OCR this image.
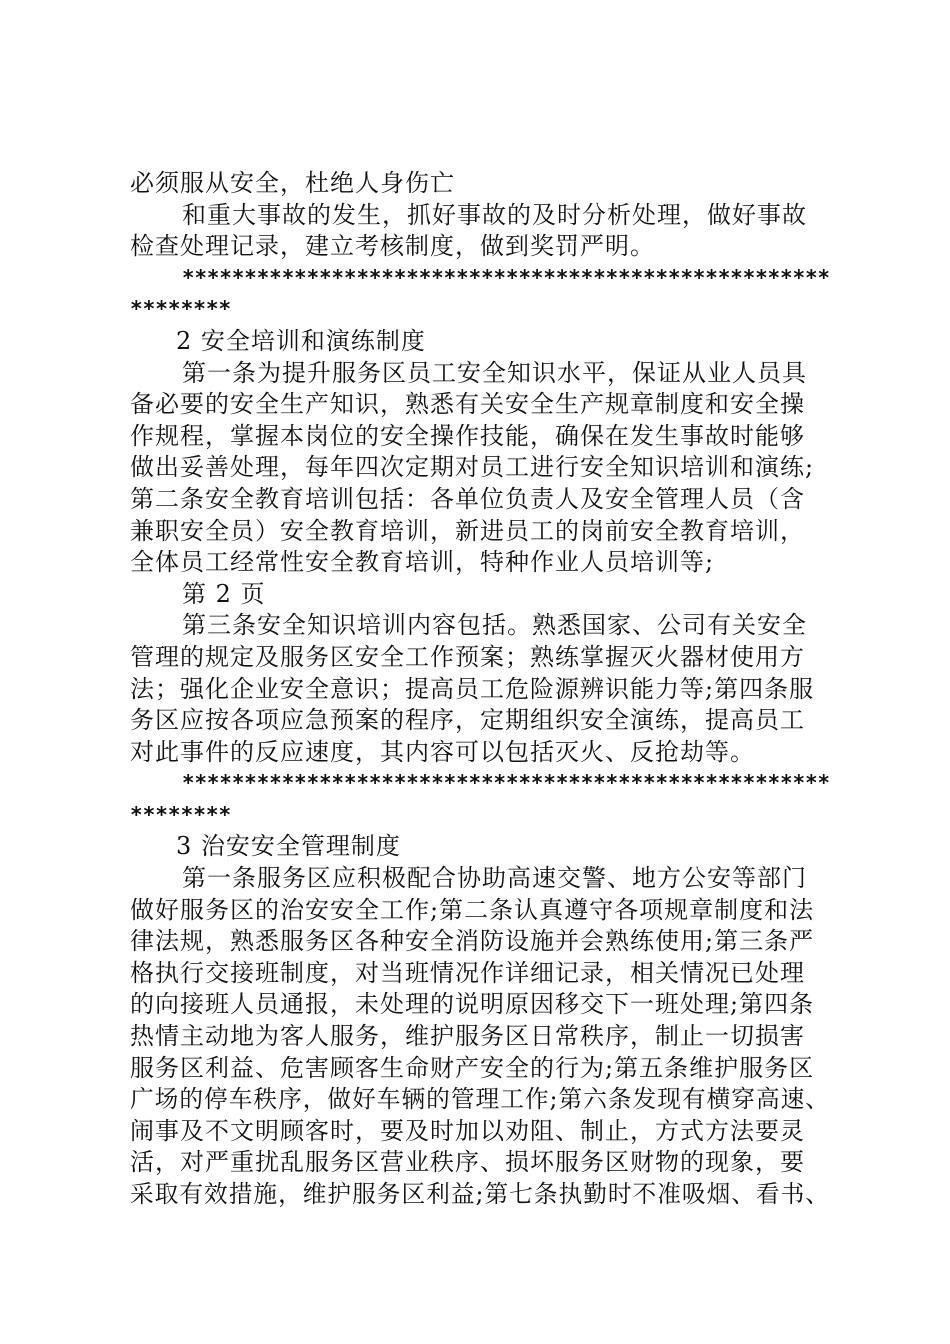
必须服从安全，杜绝人身伤亡
和重大事故的发生，抓好事故的及时分析处理，做好事故
检查处理记录，建立考核制度，做到奖罚严明。
****************************************************
********
2 安全培训和演练制度
第一条为提升服务区员工安全知识水平，保证从业人员具
备必要的安全生产知识，熟悉有关安全生产规章制度和安全操
作规程，掌握本岗位的安全操作技能，确保在发生事故时能够
做出妥善处理，每年四次定期对员工进行安全知识培训和演练;
第二条安全教育培训包括：各单位负责人及安全管理人员（含
兼职安全员）安全教育培训，新进员工的岗前安全教育培训，
全体员工经常性安全教育培训，特种作业人员培训等;
第 2 页
第三条安全知识培训内容包括。熟悉国家、公司有关安全
管理的规定及服务区安全工作预案；熟练掌握灭火器材使用方
法；强化企业安全意识；提高员工危险源辨识能力等;第四条服
务区应按各项应急预案的程序，定期组织安全演练，提高员工
对此事件的反应速度，其内容可以包括灭火、反抢劫等。
****************************************************
********
3 治安安全管理制度
第一条服务区应积极配合协助高速交警、地方公安等部门
做好服务区的治安安全工作;第二条认真遵守各项规章制度和法
律法规，熟悉服务区各种安全消防设施并会熟练使用;第三条严
格执行交接班制度，对当班情况作详细记录，相关情况已处理
的向接班人员通报，未处理的说明原因移交下一班处理;第四条
热情主动地为客人服务，维护服务区日常秩序，制止一切损害
服务区利益、危害顾客生命财产安全的行为;第五条维护服务区
广场的停车秩序，做好车辆的管理工作;第六条发现有横穿高速、
闹事及不文明顾客时，要及时加以劝阻、制止，方式方法要灵
活，对严重扰乱服务区营业秩序、损坏服务区财物的现象，要
采取有效措施，维护服务区利益;第七条执勤时不准吸烟、看书、
